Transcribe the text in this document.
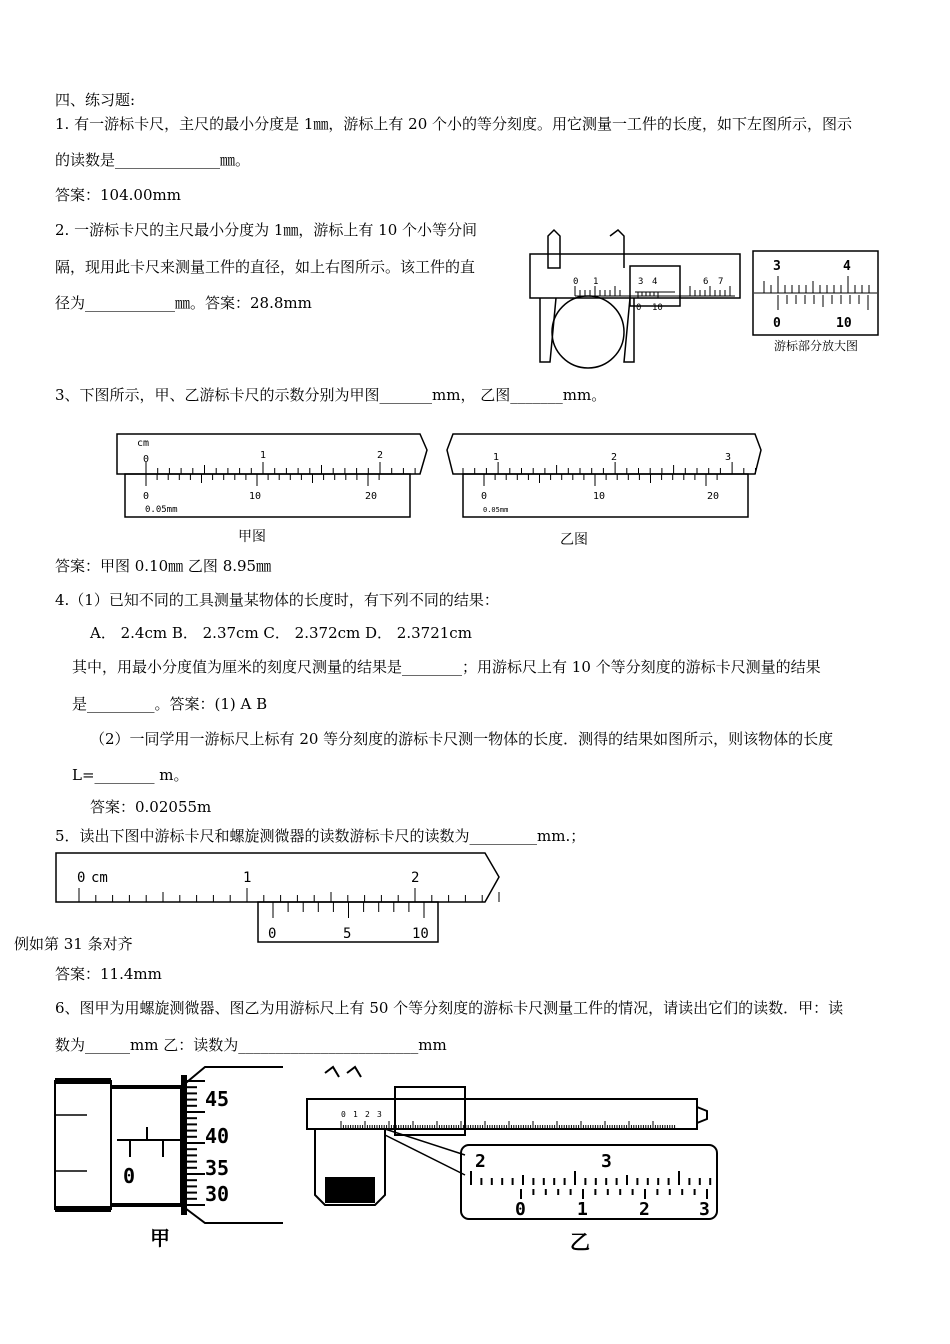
四、练习题:
1. 有一游标卡尺，主尺的最小分度是 1㎜，游标上有 20 个小的等分刻度。用它测量一工件的长度，如下左图所示，图示
的读数是______________㎜。
答案：104.00mm
2. 一游标卡尺的主尺最小分度为 1㎜，游标上有 10 个小等分间
隔，现用此卡尺来测量工件的直径，如上右图所示。该工件的直
径为____________㎜。答案：28.8mm
0 1	3 4	6 7
0 10
3	4
0	10
游标部分放大图
3、下图所示，甲、乙游标卡尺的示数分别为甲图_______mm， 乙图_______mm。
cm
0	1	2
0	10	20
0.05mm
甲图
1	2	3
0	10	20
0.05mm
乙图
答案：甲图 0.10㎜ 乙图 8.95㎜
4.（1）已知不同的工具测量某物体的长度时，有下列不同的结果：
A． 2.4cm B． 2.37cm C． 2.372cm D． 2.3721cm
其中，用最小分度值为厘米的刻度尺测量的结果是________；用游标尺上有 10 个等分刻度的游标卡尺测量的结果
是_________。答案：(1) A B
（2）一同学用一游标尺上标有 20 等分刻度的游标卡尺测一物体的长度．测得的结果如图所示，则该物体的长度
L=________ m。
答案：0.02055m
5．读出下图中游标卡尺和螺旋测微器的读数游标卡尺的读数为_________mm.；
0 cm	1	2
0	5	10
例如第 31 条对齐
答案：11.4mm
6、图甲为用螺旋测微器、图乙为用游标尺上有 50 个等分刻度的游标卡尺测量工件的情况，请读出它们的读数．甲：读
数为______mm 乙：读数为________________________mm
0
45
40
35
30
甲
0 1 2 3
2	3
0	1	2	3
乙
